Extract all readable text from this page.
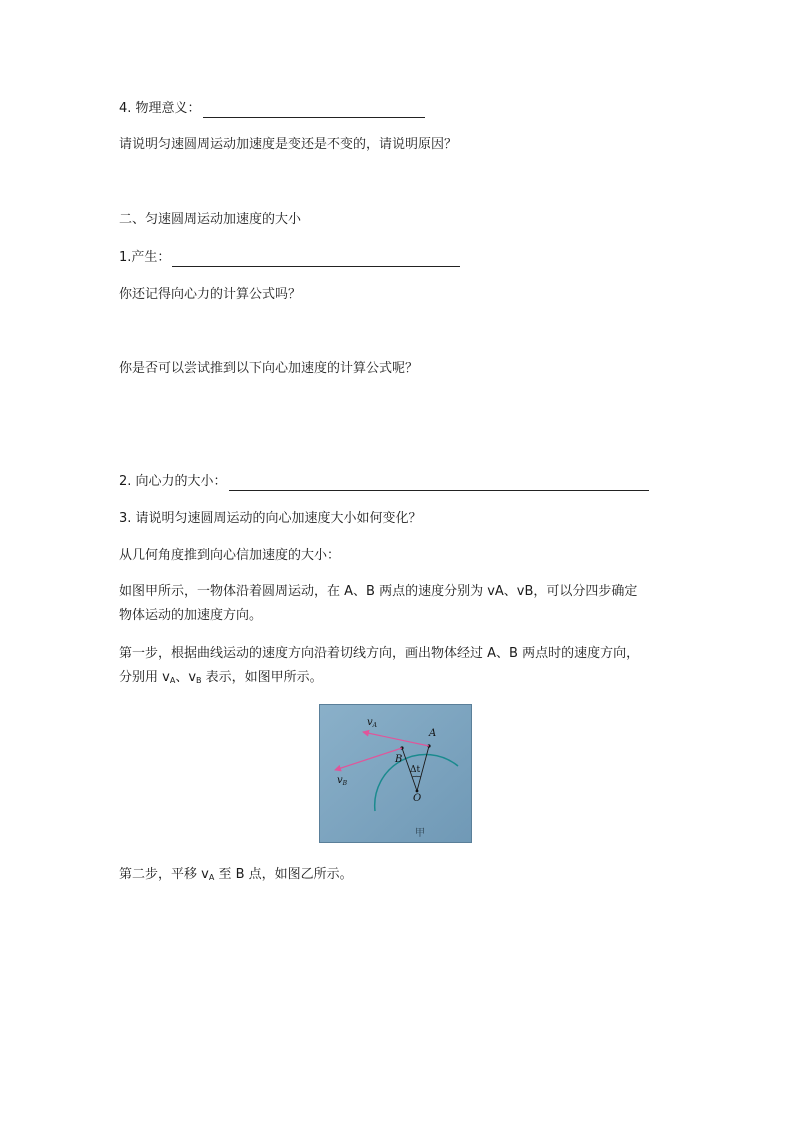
4. 物理意义：
请说明匀速圆周运动加速度是变还是不变的，请说明原因？
二、匀速圆周运动加速度的大小
1.产生：
你还记得向心力的计算公式吗？
你是否可以尝试推到以下向心加速度的计算公式呢？
2. 向心力的大小：
3. 请说明匀速圆周运动的向心加速度大小如何变化？
从几何角度推到向心信加速度的大小：
如图甲所示，一物体沿着圆周运动，在 A、B 两点的速度分别为 vA、vB，可以分四步确定
物体运动的加速度方向。
第一步，根据曲线运动的速度方向沿着切线方向，画出物体经过 A、B 两点时的速度方向，
分别用 $v_A$、$v_B$ 表示，如图甲所示。
$v_A$
$v_B$
A
B
Δt
O
甲
第二步，平移 $v_A$ 至 B 点，如图乙所示。
